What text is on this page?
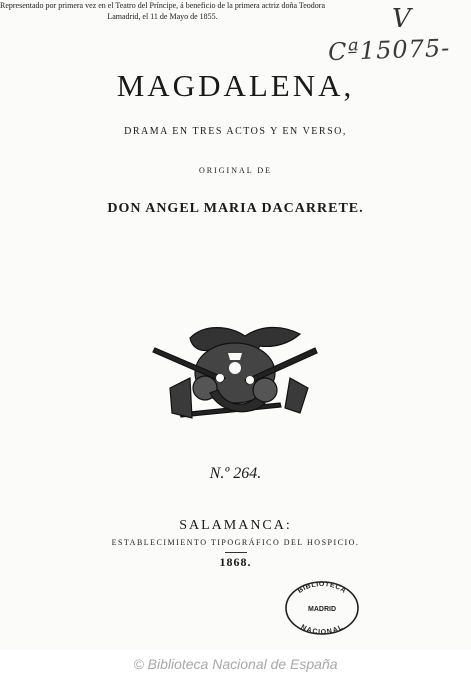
V
Cª15075-
MAGDALENA,
DRAMA EN TRES ACTOS Y EN VERSO,
ORIGINAL DE
DON ANGEL MARIA DACARRETE.
Representado por primera vez en el Teatro del Príncipe, á beneficio de la primera actriz doña Teodora Lamadrid, el 11 de Mayo de 1855.
N.º 264.
SALAMANCA:
ESTABLECIMIENTO TIPOGRÁFICO DEL HOSPICIO.
1868.
BIBLIOTECA
MADRID
NACIONAL
© Biblioteca Nacional de España
